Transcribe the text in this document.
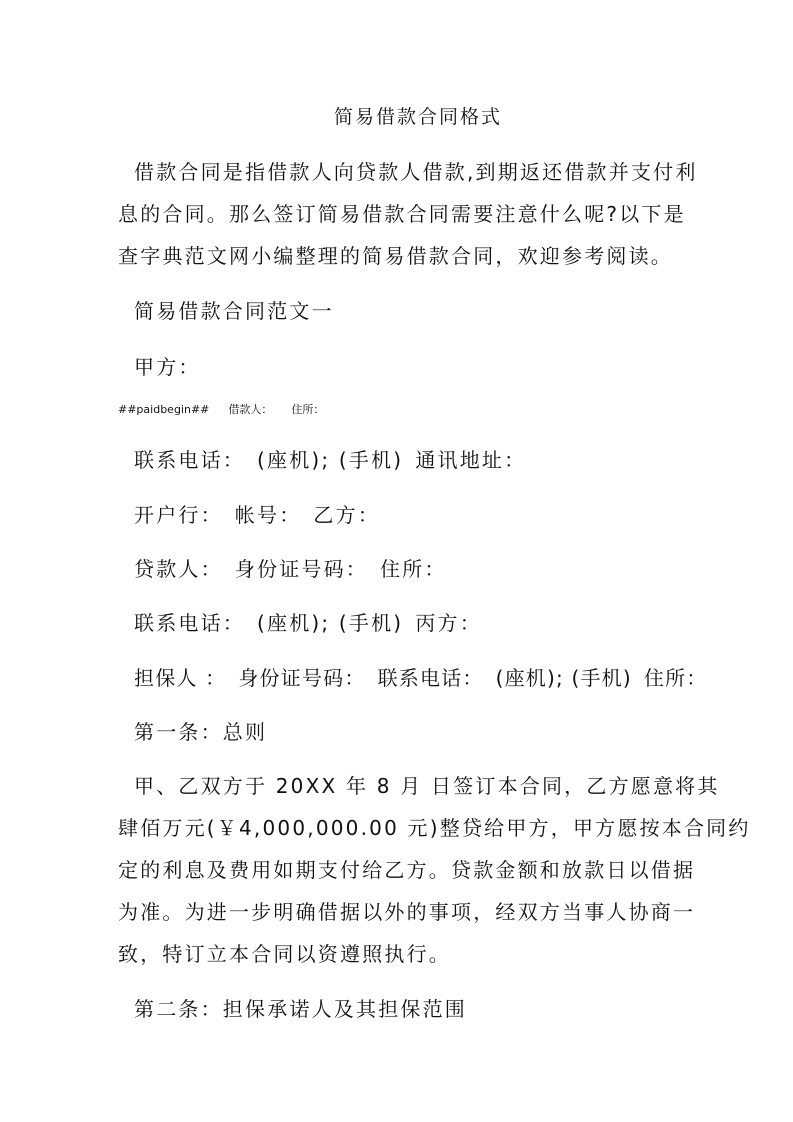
简易借款合同格式
借款合同是指借款人向贷款人借款,到期返还借款并支付利
息的合同。那么签订简易借款合同需要注意什么呢?以下是
查字典范文网小编整理的简易借款合同，欢迎参考阅读。
简易借款合同范文一
甲方：
##paidbegin## 借款人： 住所：
联系电话： (座机); (手机) 通讯地址：
开户行： 帐号： 乙方：
贷款人： 身份证号码： 住所：
联系电话： (座机); (手机) 丙方：
担保人 ： 身份证号码： 联系电话： (座机); (手机) 住所：
第一条：总则
甲、乙双方于 20XX 年 8 月 日签订本合同，乙方愿意将其
肆佰万元(￥4,000,000.00 元)整贷给甲方，甲方愿按本合同约
定的利息及费用如期支付给乙方。贷款金额和放款日以借据
为准。为进一步明确借据以外的事项，经双方当事人协商一
致，特订立本合同以资遵照执行。
第二条：担保承诺人及其担保范围
